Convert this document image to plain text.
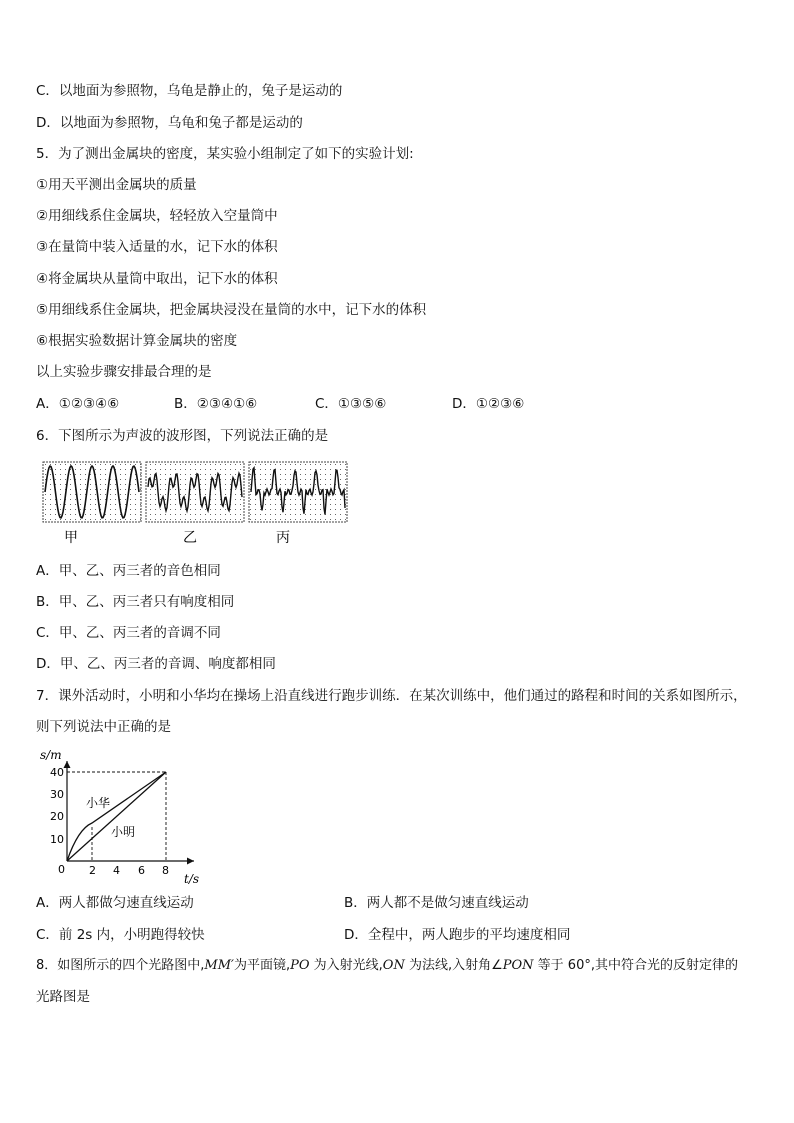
C．以地面为参照物，乌龟是静止的，兔子是运动的
D．以地面为参照物，乌龟和兔子都是运动的
5．为了测出金属块的密度，某实验小组制定了如下的实验计划:
①用天平测出金属块的质量
②用细线系住金属块，轻轻放入空量筒中
③在量筒中装入适量的水，记下水的体积
④将金属块从量筒中取出，记下水的体积
⑤用细线系住金属块，把金属块浸没在量筒的水中，记下水的体积
⑥根据实验数据计算金属块的密度
以上实验步骤安排最合理的是
A．①②③④⑥	B．②③④①⑥	C．①③⑤⑥	D．①②③⑥
6．下图所示为声波的波形图，下列说法正确的是
甲	乙	丙
A．甲、乙、丙三者的音色相同
B．甲、乙、丙三者只有响度相同
C．甲、乙、丙三者的音调不同
D．甲、乙、丙三者的音调、响度都相同
7．课外活动时，小明和小华均在操场上沿直线进行跑步训练．在某次训练中，他们通过的路程和时间的关系如图所示，
则下列说法中正确的是
s/m
t/s
0
40
30
20
10
2 4 6 8
小华
小明
A．两人都做匀速直线运动	B．两人都不是做匀速直线运动
C．前 2s 内，小明跑得较快	D．全程中，两人跑步的平均速度相同
8．如图所示的四个光路图中,MM′为平面镜,PO 为入射光线,ON 为法线,入射角∠PON 等于 60°,其中符合光的反射定律的
光路图是
